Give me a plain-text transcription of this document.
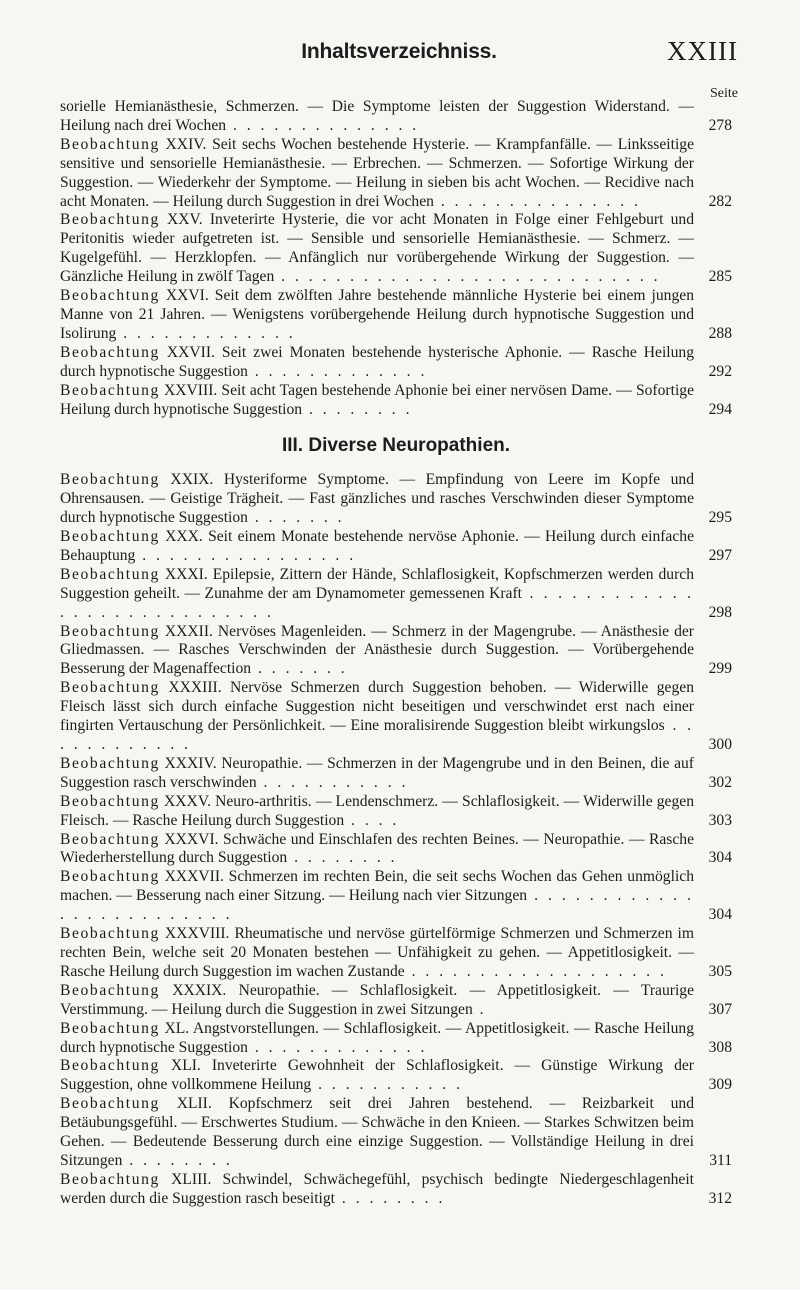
Inhaltsverzeichniss.	XXIII
Seite
sorielle Hemianästhesie, Schmerzen. — Die Symptome leisten der Suggestion Widerstand. — Heilung nach drei Wochen . . . . . . . . . . . . . .	278
Beobachtung XXIV. Seit sechs Wochen bestehende Hysterie. — Krampfanfälle. — Linksseitige sensitive und sensorielle Hemianästhesie. — Erbrechen. — Schmerzen. — Sofortige Wirkung der Suggestion. — Wiederkehr der Symptome. — Heilung in sieben bis acht Wochen. — Recidive nach acht Monaten. — Heilung durch Suggestion in drei Wochen . . . . . . . . . . . . . . .	282
Beobachtung XXV. Inveterirte Hysterie, die vor acht Monaten in Folge einer Fehlgeburt und Peritonitis wieder aufgetreten ist. — Sensible und sensorielle Hemianästhesie. — Schmerz. — Kugelgefühl. — Herzklopfen. — Anfänglich nur vorübergehende Wirkung der Suggestion. — Gänzliche Heilung in zwölf Tagen . . . . . . . . . . . . . . . . . . . . . . . . . . . .	285
Beobachtung XXVI. Seit dem zwölften Jahre bestehende männliche Hysterie bei einem jungen Manne von 21 Jahren. — Wenigstens vorübergehende Heilung durch hypnotische Suggestion und Isolirung . . . . . . . . . . . . .	288
Beobachtung XXVII. Seit zwei Monaten bestehende hysterische Aphonie. — Rasche Heilung durch hypnotische Suggestion . . . . . . . . . . . . .	292
Beobachtung XXVIII. Seit acht Tagen bestehende Aphonie bei einer nervösen Dame. — Sofortige Heilung durch hypnotische Suggestion . . . . . . . .	294
III. Diverse Neuropathien.
Beobachtung XXIX. Hysteriforme Symptome. — Empfindung von Leere im Kopfe und Ohrensausen. — Geistige Trägheit. — Fast gänzliches und rasches Verschwinden dieser Symptome durch hypnotische Suggestion . . . . . . .	295
Beobachtung XXX. Seit einem Monate bestehende nervöse Aphonie. — Heilung durch einfache Behauptung . . . . . . . . . . . . . . . .	297
Beobachtung XXXI. Epilepsie, Zittern der Hände, Schlaflosigkeit, Kopfschmerzen werden durch Suggestion geheilt. — Zunahme der am Dynamometer gemessenen Kraft . . . . . . . . . . . . . . . . . . . . . . . . . . . .	298
Beobachtung XXXII. Nervöses Magenleiden. — Schmerz in der Magengrube. — Anästhesie der Gliedmassen. — Rasches Verschwinden der Anästhesie durch Suggestion. — Vorübergehende Besserung der Magenaffection . . . . . . .	299
Beobachtung XXXIII. Nervöse Schmerzen durch Suggestion behoben. — Widerwille gegen Fleisch lässt sich durch einfache Suggestion nicht beseitigen und verschwindet erst nach einer fingirten Vertauschung der Persönlichkeit. — Eine moralisirende Suggestion bleibt wirkungslos . . . . . . . . . . . .	300
Beobachtung XXXIV. Neuropathie. — Schmerzen in der Magengrube und in den Beinen, die auf Suggestion rasch verschwinden . . . . . . . . . . .	302
Beobachtung XXXV. Neuro-arthritis. — Lendenschmerz. — Schlaflosigkeit. — Widerwille gegen Fleisch. — Rasche Heilung durch Suggestion . . . .	303
Beobachtung XXXVI. Schwäche und Einschlafen des rechten Beines. — Neuropathie. — Rasche Wiederherstellung durch Suggestion . . . . . . . .	304
Beobachtung XXXVII. Schmerzen im rechten Bein, die seit sechs Wochen das Gehen unmöglich machen. — Besserung nach einer Sitzung. — Heilung nach vier Sitzungen . . . . . . . . . . . . . . . . . . . . . . . . .	304
Beobachtung XXXVIII. Rheumatische und nervöse gürtelförmige Schmerzen und Schmerzen im rechten Bein, welche seit 20 Monaten bestehen — Unfähigkeit zu gehen. — Appetitlosigkeit. — Rasche Heilung durch Suggestion im wachen Zustande . . . . . . . . . . . . . . . . . . .	305
Beobachtung XXXIX. Neuropathie. — Schlaflosigkeit. — Appetitlosigkeit. — Traurige Verstimmung. — Heilung durch die Suggestion in zwei Sitzungen .	307
Beobachtung XL. Angstvorstellungen. — Schlaflosigkeit. — Appetitlosigkeit. — Rasche Heilung durch hypnotische Suggestion . . . . . . . . . . . . .	308
Beobachtung XLI. Inveterirte Gewohnheit der Schlaflosigkeit. — Günstige Wirkung der Suggestion, ohne vollkommene Heilung . . . . . . . . . . .	309
Beobachtung XLII. Kopfschmerz seit drei Jahren bestehend. — Reizbarkeit und Betäubungsgefühl. — Erschwertes Studium. — Schwäche in den Knieen. — Starkes Schwitzen beim Gehen. — Bedeutende Besserung durch eine einzige Suggestion. — Vollständige Heilung in drei Sitzungen . . . . . . . .	311
Beobachtung XLIII. Schwindel, Schwächegefühl, psychisch bedingte Niedergeschlagenheit werden durch die Suggestion rasch beseitigt . . . . . . . .	312
